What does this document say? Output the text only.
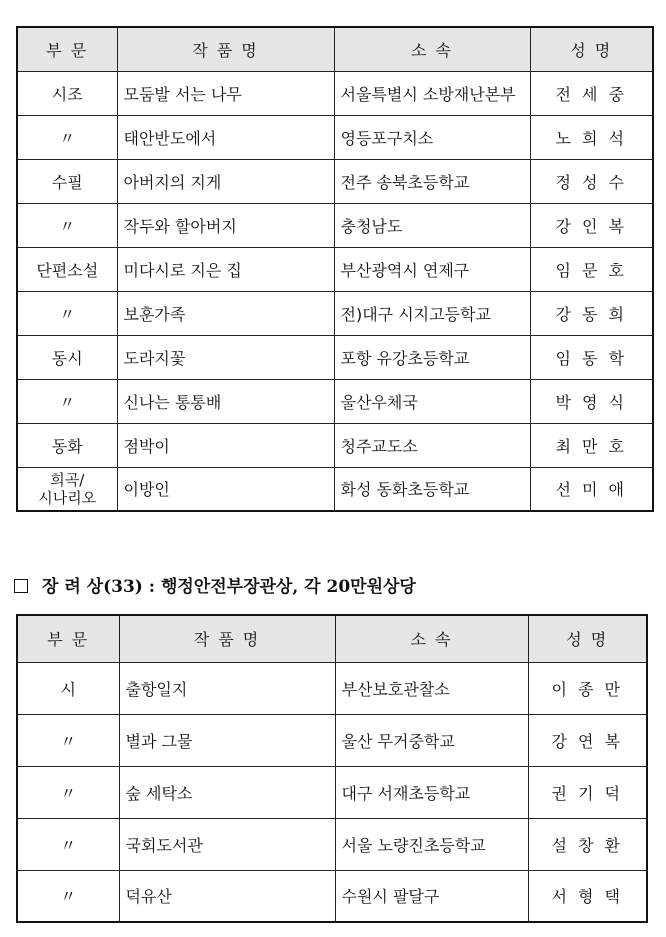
부 문	작 품 명	소 속	성 명
시조	모둠발 서는 나무	서울특별시 소방재난본부	전 세 중
〃	태안반도에서	영등포구치소	노 희 석
수필	아버지의 지게	전주 송북초등학교	정 성 수
〃	작두와 할아버지	충청남도	강 인 복
단편소설	미다시로 지은 집	부산광역시 연제구	임 문 호
〃	보훈가족	전)대구 시지고등학교	강 동 희
동시	도라지꽃	포항 유강초등학교	임 동 학
〃	신나는 통통배	울산우체국	박 영 식
동화	점박이	청주교도소	최 만 호
희곡/
시나리오	이방인	화성 동화초등학교	선 미 애
장 려 상(33) : 행정안전부장관상, 각 20만원상당
부 문	작 품 명	소 속	성 명
시	출항일지	부산보호관찰소	이 종 만
〃	별과 그물	울산 무거중학교	강 연 복
〃	숲 세탁소	대구 서재초등학교	권 기 덕
〃	국회도서관	서울 노량진초등학교	설 창 환
〃	덕유산	수원시 팔달구	서 형 택
